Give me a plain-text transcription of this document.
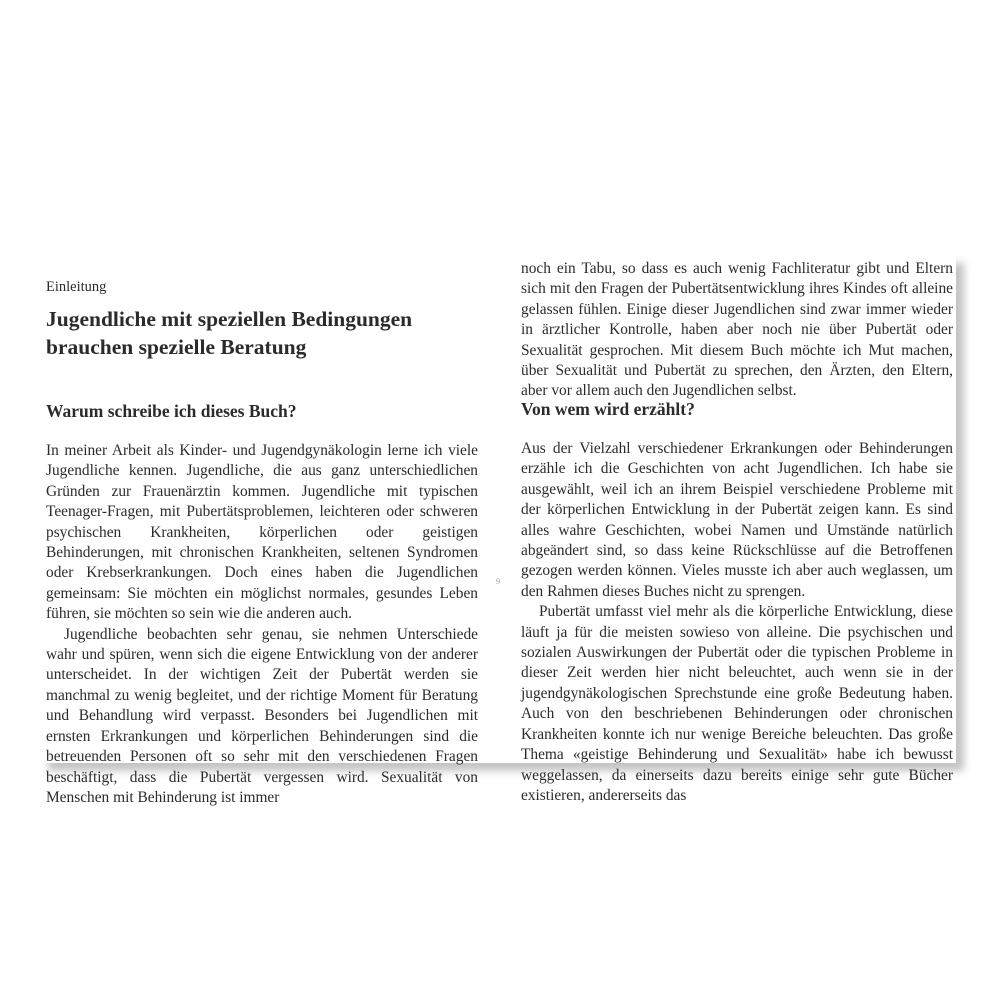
Einleitung
Jugendliche mit speziellen Bedingungen
brauchen spezielle Beratung
Warum schreibe ich dieses Buch?

In meiner Arbeit als Kinder- und Jugendgynäkologin lerne ich viele Jugendliche kennen. Jugendliche, die aus ganz unterschiedlichen Gründen zur Frauenärztin kommen. Jugendliche mit typischen Teenager-Fragen, mit Pubertätsproblemen, leichteren oder schweren psychischen Krankheiten, körperlichen oder geistigen Behinderungen, mit chronischen Krankheiten, seltenen Syndromen oder Krebserkrankungen. Doch eines haben die Jugendlichen gemeinsam: Sie möchten ein möglichst normales, gesundes Leben führen, sie möchten so sein wie die anderen auch.

Jugendliche beobachten sehr genau, sie nehmen Unterschiede wahr und spüren, wenn sich die eigene Entwicklung von der anderer unterscheidet. In der wichtigen Zeit der Pubertät werden sie manchmal zu wenig begleitet, und der richtige Moment für Beratung und Behandlung wird verpasst. Besonders bei Jugendlichen mit ernsten Erkrankungen und körperlichen Behinderungen sind die betreuenden Personen oft so sehr mit den verschiedenen Fragen beschäftigt, dass die Pubertät vergessen wird. Sexualität von Menschen mit Behinderung ist immer

9

noch ein Tabu, so dass es auch wenig Fachliteratur gibt und Eltern sich mit den Fragen der Pubertätsentwicklung ihres Kindes oft alleine gelassen fühlen. Einige dieser Jugendlichen sind zwar immer wieder in ärztlicher Kontrolle, haben aber noch nie über Pubertät oder Sexualität gesprochen. Mit diesem Buch möchte ich Mut machen, über Sexualität und Pubertät zu sprechen, den Ärzten, den Eltern, aber vor allem auch den Jugendlichen selbst.

Von wem wird erzählt?

Aus der Vielzahl verschiedener Erkrankungen oder Behinderungen erzähle ich die Geschichten von acht Jugendlichen. Ich habe sie ausgewählt, weil ich an ihrem Beispiel verschiedene Probleme mit der körperlichen Entwicklung in der Pubertät zeigen kann. Es sind alles wahre Geschichten, wobei Namen und Umstände natürlich abgeändert sind, so dass keine Rückschlüsse auf die Betroffenen gezogen werden können. Vieles musste ich aber auch weglassen, um den Rahmen dieses Buches nicht zu sprengen.

Pubertät umfasst viel mehr als die körperliche Entwicklung, diese läuft ja für die meisten sowieso von alleine. Die psychischen und sozialen Auswirkungen der Pubertät oder die typischen Probleme in dieser Zeit werden hier nicht beleuchtet, auch wenn sie in der jugendgynäkologischen Sprechstunde eine große Bedeutung haben. Auch von den beschriebenen Behinderungen oder chronischen Krankheiten konnte ich nur wenige Bereiche beleuchten. Das große Thema «geistige Behinderung und Sexualität» habe ich bewusst weggelassen, da einerseits dazu bereits einige sehr gute Bücher existieren, andererseits das
